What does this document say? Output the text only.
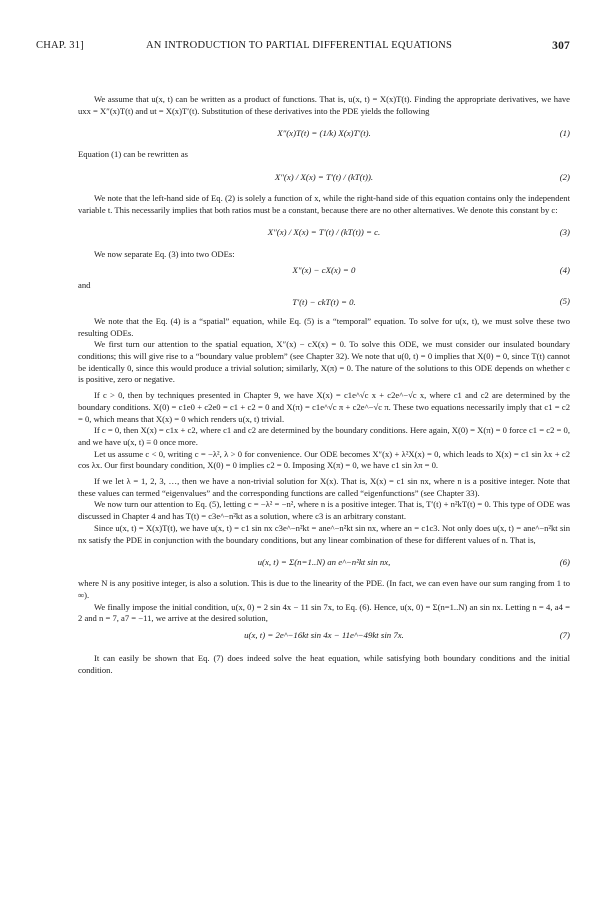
CHAP. 31]	AN INTRODUCTION TO PARTIAL DIFFERENTIAL EQUATIONS	307

We assume that u(x, t) can be written as a product of functions. That is, u(x, t) = X(x)T(t). Finding the appropriate derivatives, we have uxx = X″(x)T(t) and ut = X(x)T′(t). Substitution of these derivatives into the PDE yields the following

X″(x)T(t) = (1/k) X(x)T′(t).	(1)

Equation (1) can be rewritten as

X″(x) / X(x) = T′(t) / (kT(t)).	(2)

We note that the left-hand side of Eq. (2) is solely a function of x, while the right-hand side of this equation contains only the independent variable t. This necessarily implies that both ratios must be a constant, because there are no other alternatives. We denote this constant by c:

X″(x) / X(x) = T′(t) / (kT(t)) = c.	(3)

We now separate Eq. (3) into two ODEs:

X″(x) − cX(x) = 0	(4)

and

T′(t) − ckT(t) = 0.	(5)

We note that the Eq. (4) is a “spatial” equation, while Eq. (5) is a “temporal” equation. To solve for u(x, t), we must solve these two resulting ODEs.

We first turn our attention to the spatial equation, X″(x) − cX(x) = 0. To solve this ODE, we must consider our insulated boundary conditions; this will give rise to a “boundary value problem” (see Chapter 32). We note that u(0, t) = 0 implies that X(0) = 0, since T(t) cannot be identically 0, since this would produce a trivial solution; similarly, X(π) = 0. The nature of the solutions to this ODE depends on whether c is positive, zero or negative.

If c > 0, then by techniques presented in Chapter 9, we have X(x) = c1e^√c x + c2e^−√c x, where c1 and c2 are determined by the boundary conditions. X(0) = c1e0 + c2e0 = c1 + c2 = 0 and X(π) = c1e^√c π + c2e^−√c π. These two equations necessarily imply that c1 = c2 = 0, which means that X(x) = 0 which renders u(x, t) trivial.

If c = 0, then X(x) = c1x + c2, where c1 and c2 are determined by the boundary conditions. Here again, X(0) = X(π) = 0 force c1 = c2 = 0, and we have u(x, t) ≡ 0 once more.

Let us assume c < 0, writing c = −λ², λ > 0 for convenience. Our ODE becomes X″(x) + λ²X(x) = 0, which leads to X(x) = c1 sin λx + c2 cos λx. Our first boundary condition, X(0) = 0 implies c2 = 0. Imposing X(π) = 0, we have c1 sin λπ = 0.

If we let λ = 1, 2, 3, …, then we have a non-trivial solution for X(x). That is, X(x) = c1 sin nx, where n is a positive integer. Note that these values can termed “eigenvalues” and the corresponding functions are called “eigenfunctions” (see Chapter 33).

We now turn our attention to Eq. (5), letting c = −λ² = −n², where n is a positive integer. That is, T′(t) + n²kT(t) = 0. This type of ODE was discussed in Chapter 4 and has T(t) = c3e^−n²kt as a solution, where c3 is an arbitrary constant.

Since u(x, t) = X(x)T(t), we have u(x, t) = c1 sin nx c3e^−n²kt = ane^−n²kt sin nx, where an = c1c3. Not only does u(x, t) = ane^−n²kt sin nx satisfy the PDE in conjunction with the boundary conditions, but any linear combination of these for different values of n. That is,

u(x, t) = Σ(n=1..N) an e^−n²kt sin nx,	(6)

where N is any positive integer, is also a solution. This is due to the linearity of the PDE. (In fact, we can even have our sum ranging from 1 to ∞).

We finally impose the initial condition, u(x, 0) = 2 sin 4x − 11 sin 7x, to Eq. (6). Hence, u(x, 0) = Σ(n=1..N) an sin nx. Letting n = 4, a4 = 2 and n = 7, a7 = −11, we arrive at the desired solution,

u(x, t) = 2e^−16kt sin 4x − 11e^−49kt sin 7x.	(7)

It can easily be shown that Eq. (7) does indeed solve the heat equation, while satisfying both boundary conditions and the initial condition.
